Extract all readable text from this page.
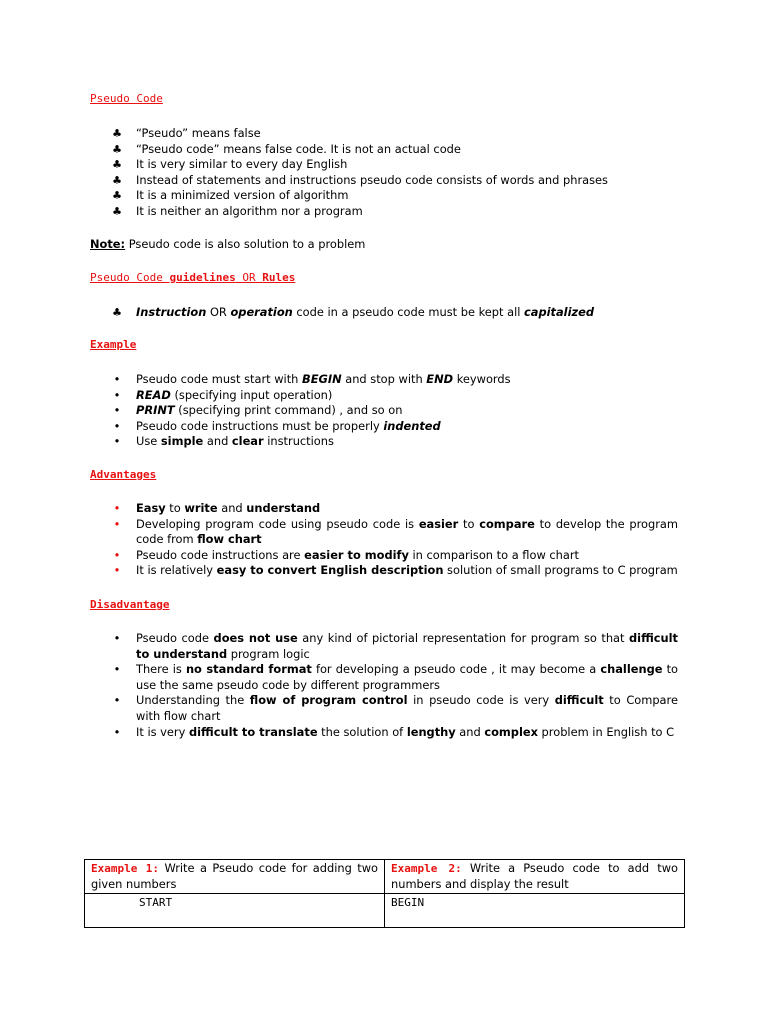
Pseudo Code
♣ “Pseudo” means false
♣ “Pseudo code” means false code. It is not an actual code
♣ It is very similar to every day English
♣ Instead of statements and instructions pseudo code consists of words and phrases
♣ It is a minimized version of algorithm
♣ It is neither an algorithm nor a program
Note: Pseudo code is also solution to a problem
Pseudo Code guidelines OR Rules
♣ Instruction OR operation code in a pseudo code must be kept all capitalized
Example
•	Pseudo code must start with BEGIN and stop with END keywords
•	READ (specifying input operation)
•	PRINT (specifying print command) , and so on
•	Pseudo code instructions must be properly indented
•	Use simple and clear instructions
Advantages
•	Easy to write and understand
•	Developing program code using pseudo code is easier to compare to develop the program code from flow chart
•	Pseudo code instructions are easier to modify in comparison to a flow chart
•	It is relatively easy to convert English description solution of small programs to C program
Disadvantage
•	Pseudo code does not use any kind of pictorial representation for program so that difficult to understand program logic
•	There is no standard format for developing a pseudo code , it may become a challenge to use the same pseudo code by different programmers
•	Understanding the flow of program control in pseudo code is very difficult to Compare with flow chart
•	It is very difficult to translate the solution of lengthy and complex problem in English to C
Example 1: Write a Pseudo code for adding two given numbers	Example 2: Write a Pseudo code to add two numbers and display the result
START	BEGIN
